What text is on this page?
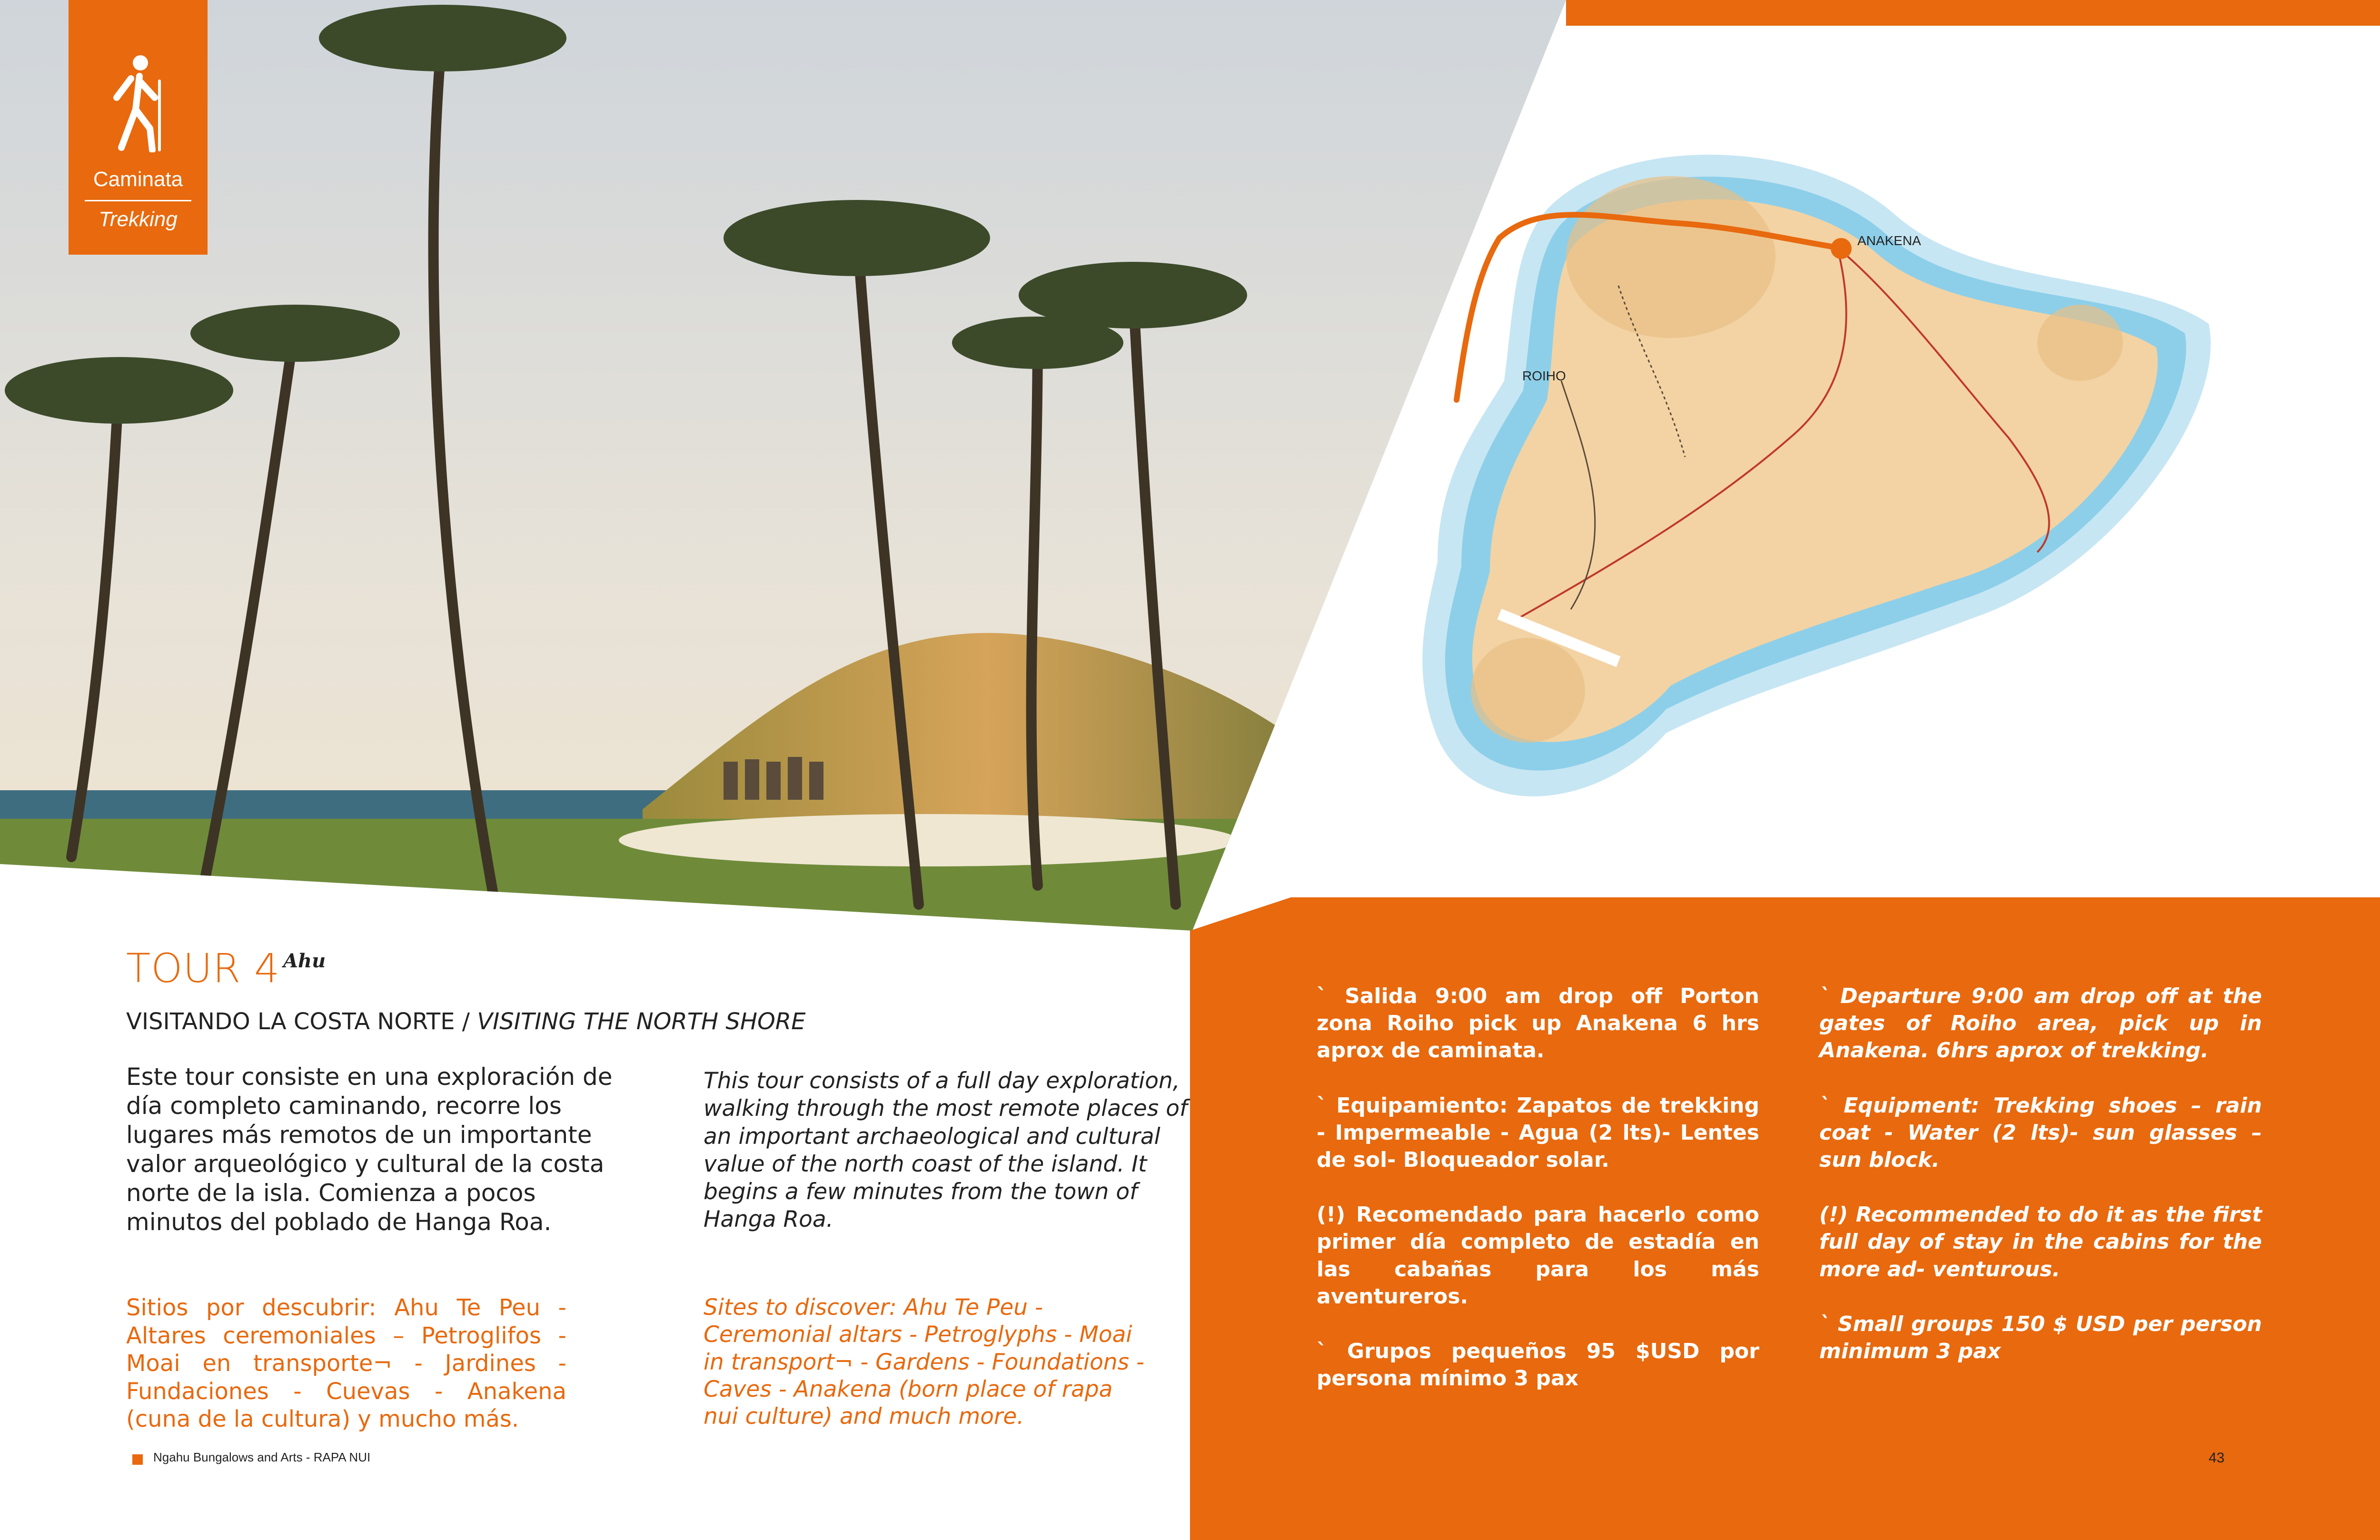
Caminata
Trekking
ANAKENA
ROIHO
TOUR 4 Ahu
VISITANDO LA COSTA NORTE / VISITING THE NORTH SHORE
Este tour consiste en una exploración de día completo caminando, recorre los lugares más remotos de un importante valor arqueológico y cultural de la costa norte de la isla. Comienza a pocos minutos del poblado de Hanga Roa.
This tour consists of a full day exploration, walking through the most remote places of an important archaeological and cultural value of the north coast of the island. It begins a few minutes from the town of Hanga Roa.
Sitios por descubrir: Ahu Te Peu - Altares ceremoniales – Petroglifos - Moai en transporte¬ - Jardines - Fundaciones - Cuevas - Anakena (cuna de la cultura) y mucho más.
Sites to discover: Ahu Te Peu - Ceremonial altars - Petroglyphs - Moai in transport¬ - Gardens - Foundations - Caves - Anakena (born place of rapa nui culture) and much more.

` Salida 9:00 am drop off Porton zona Roiho pick up Anakena 6 hrs aprox de caminata.

` Equipamiento: Zapatos de trekking - Impermeable - Agua (2 lts)- Lentes de sol- Bloqueador solar.

(!) Recomendado para hacerlo como primer día completo de estadía en las cabañas para los más aventureros.

` Grupos pequeños 95 $USD por persona mínimo 3 pax

` Departure 9:00 am drop off at the gates of Roiho area, pick up in Anakena. 6hrs aprox of trekking.

` Equipment: Trekking shoes – rain coat - Water (2 lts)- sun glasses – sun block.

(!) Recommended to do it as the first full day of stay in the cabins for the more ad- venturous.

` Small groups 150 $ USD per person minimum 3 pax

Ngahu Bungalows and Arts - RAPA NUI	43
